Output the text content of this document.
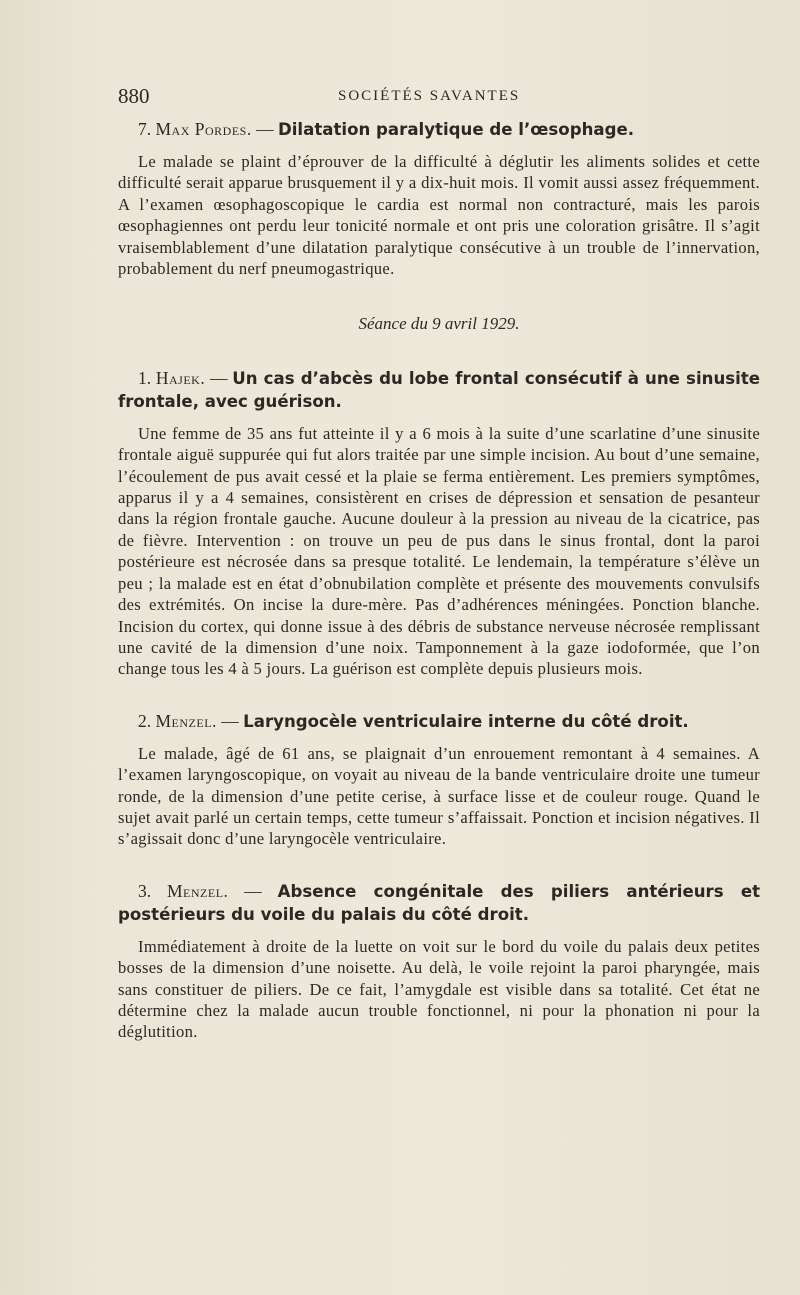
880	SOCIÉTÉS SAVANTES

7. Max Pordes. — Dilatation paralytique de l’œsophage.

Le malade se plaint d’éprouver de la difficulté à déglutir les aliments solides et cette difficulté serait apparue brusquement il y a dix-huit mois. Il vomit aussi assez fréquemment. A l’examen œsophagoscopique le cardia est normal non contracturé, mais les parois œsophagiennes ont perdu leur tonicité normale et ont pris une coloration grisâtre. Il s’agit vraisemblablement d’une dilatation paralytique consécutive à un trouble de l’innervation, probablement du nerf pneumogastrique.

Séance du 9 avril 1929.

1. Hajek. — Un cas d’abcès du lobe frontal consécutif à une sinusite frontale, avec guérison.

Une femme de 35 ans fut atteinte il y a 6 mois à la suite d’une scarlatine d’une sinusite frontale aiguë suppurée qui fut alors traitée par une simple incision. Au bout d’une semaine, l’écoulement de pus avait cessé et la plaie se ferma entièrement. Les premiers symptômes, apparus il y a 4 semaines, consistèrent en crises de dépression et sensation de pesanteur dans la région frontale gauche. Aucune douleur à la pression au niveau de la cicatrice, pas de fièvre. Intervention : on trouve un peu de pus dans le sinus frontal, dont la paroi postérieure est nécrosée dans sa presque totalité. Le lendemain, la température s’élève un peu ; la malade est en état d’obnubilation complète et présente des mouvements convulsifs des extrémités. On incise la dure-mère. Pas d’adhérences méningées. Ponction blanche. Incision du cortex, qui donne issue à des débris de substance nerveuse nécrosée remplissant une cavité de la dimension d’une noix. Tamponnement à la gaze iodoformée, que l’on change tous les 4 à 5 jours. La guérison est complète depuis plusieurs mois.

2. Menzel. — Laryngocèle ventriculaire interne du côté droit.

Le malade, âgé de 61 ans, se plaignait d’un enrouement remontant à 4 semaines. A l’examen laryngoscopique, on voyait au niveau de la bande ventriculaire droite une tumeur ronde, de la dimension d’une petite cerise, à surface lisse et de couleur rouge. Quand le sujet avait parlé un certain temps, cette tumeur s’affaissait. Ponction et incision négatives. Il s’agissait donc d’une laryngocèle ventriculaire.

3. Menzel. — Absence congénitale des piliers antérieurs et postérieurs du voile du palais du côté droit.

Immédiatement à droite de la luette on voit sur le bord du voile du palais deux petites bosses de la dimension d’une noisette. Au delà, le voile rejoint la paroi pharyngée, mais sans constituer de piliers. De ce fait, l’amygdale est visible dans sa totalité. Cet état ne détermine chez la malade aucun trouble fonctionnel, ni pour la phonation ni pour la déglutition.
